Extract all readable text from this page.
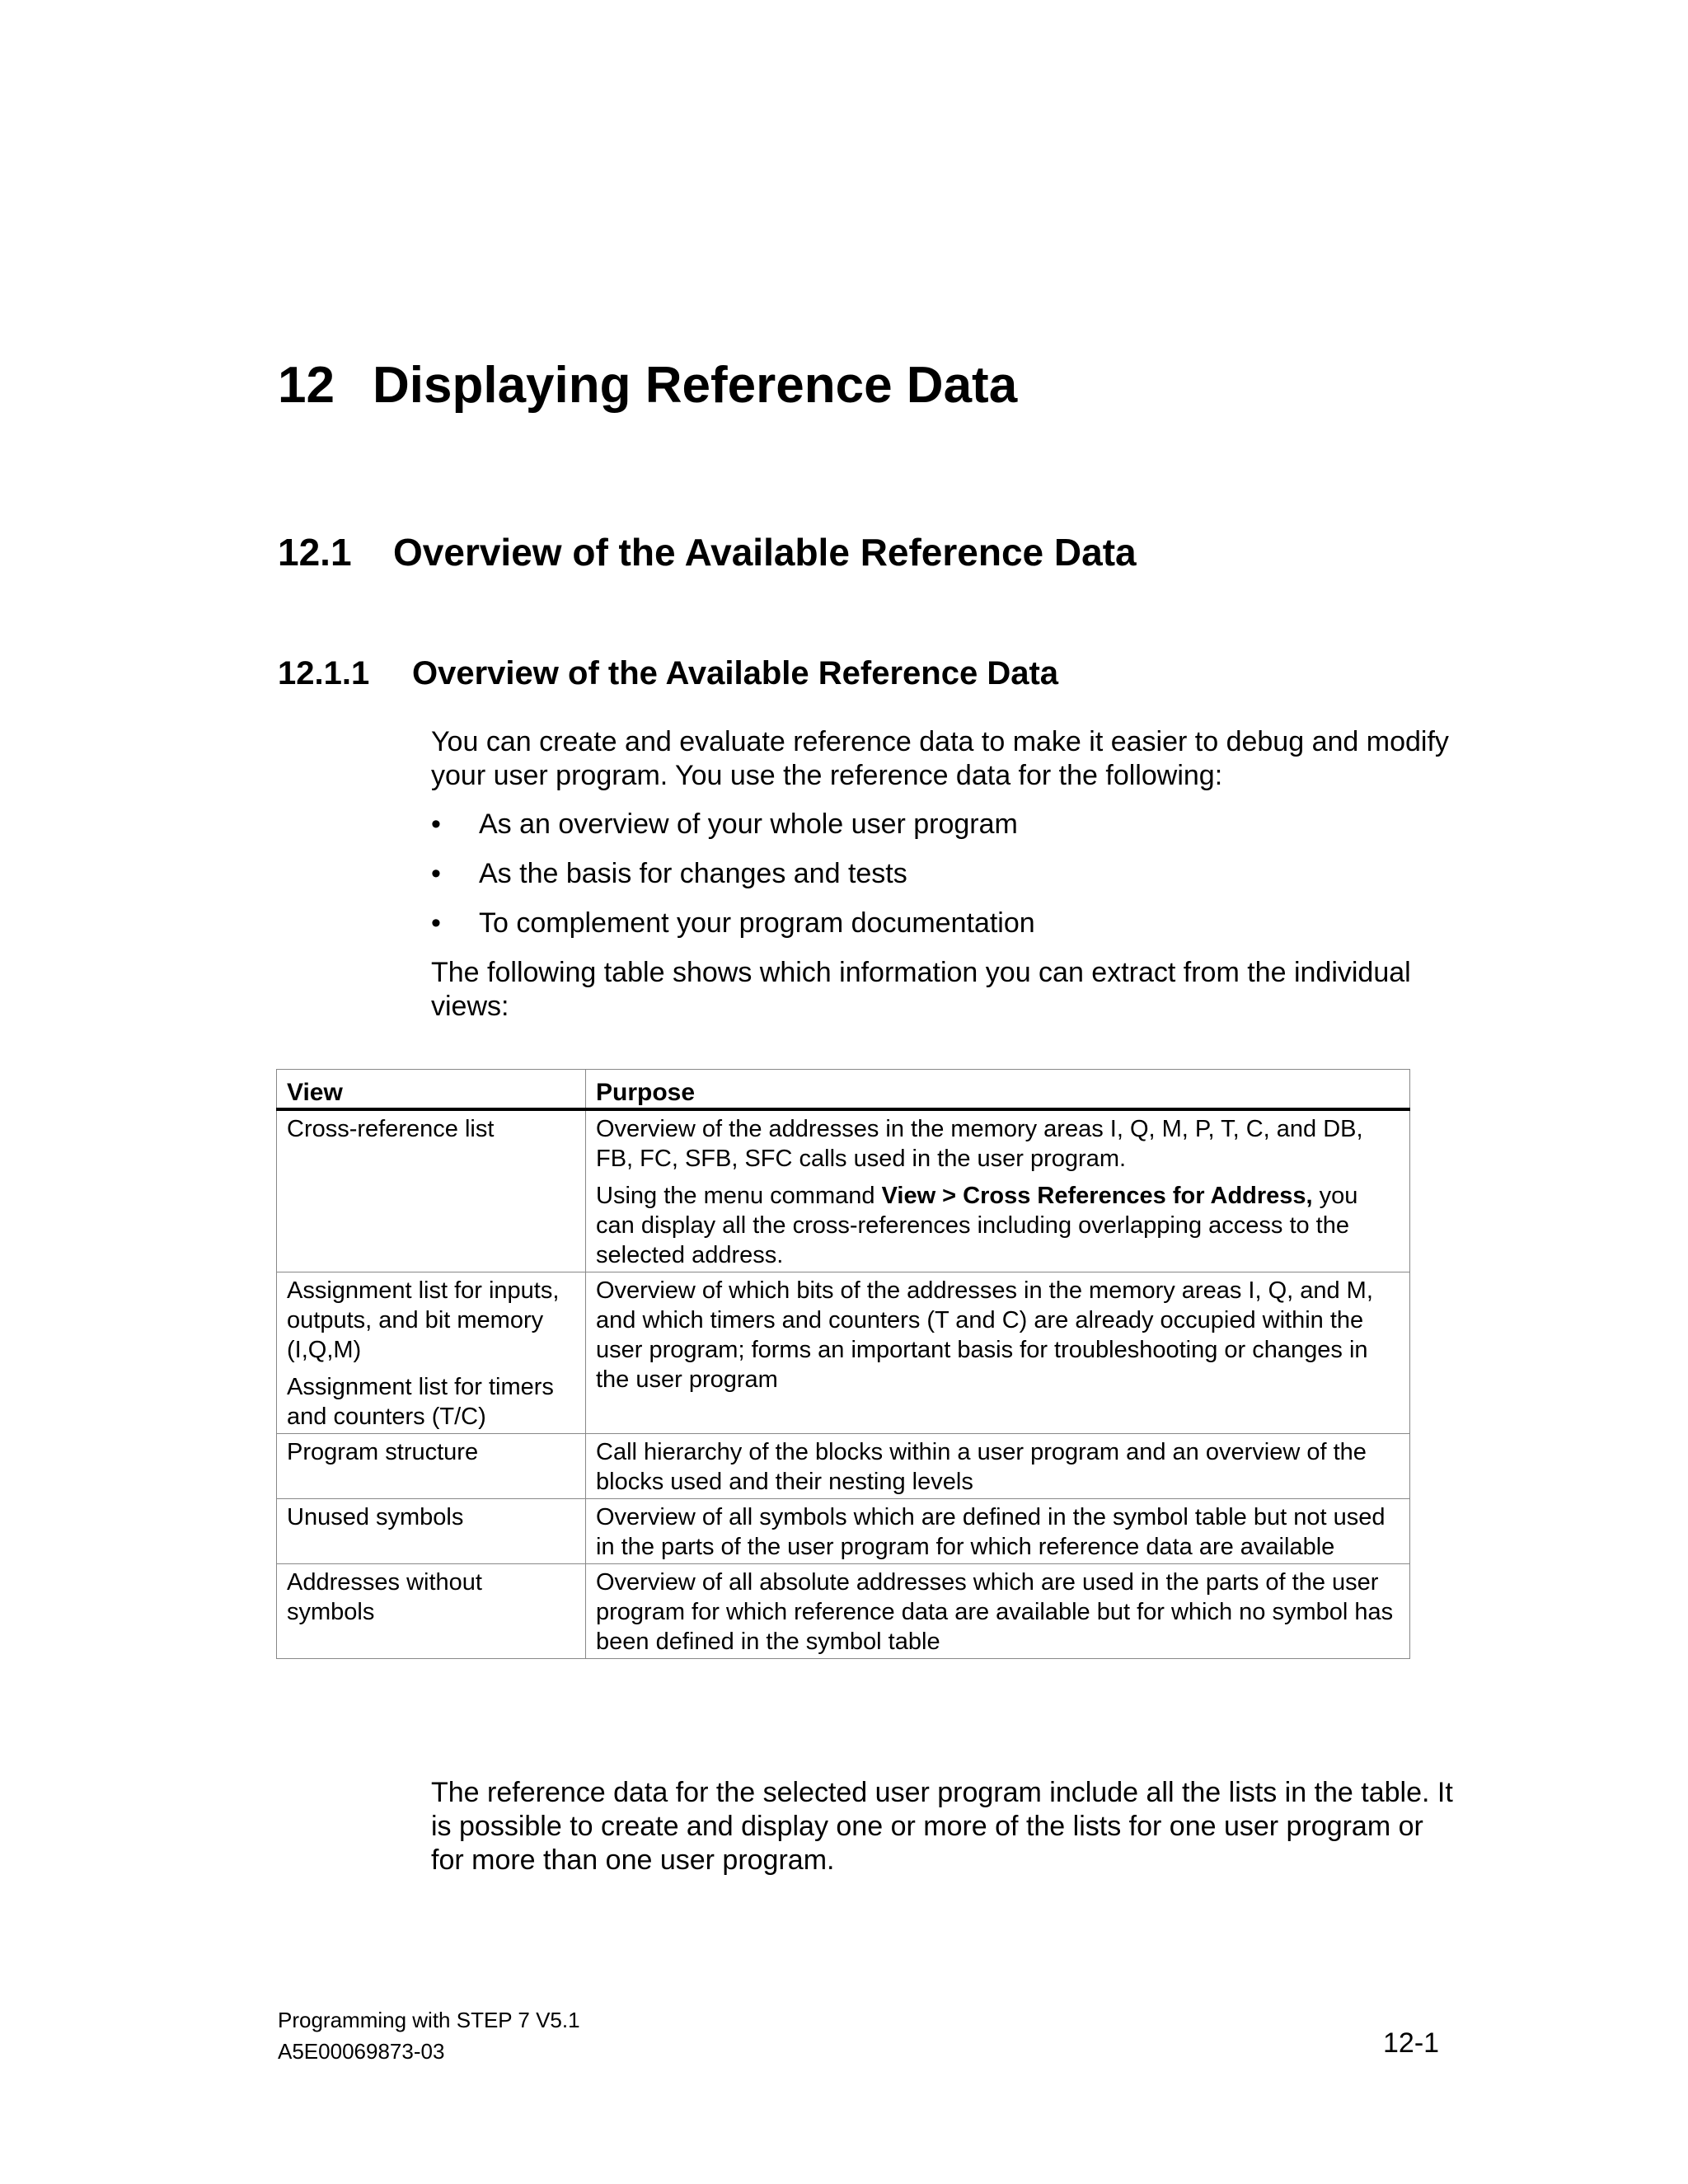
12 Displaying Reference Data
12.1 Overview of the Available Reference Data
12.1.1 Overview of the Available Reference Data

You can create and evaluate reference data to make it easier to debug and modify your user program. You use the reference data for the following:

•	As an overview of your whole user program
•	As the basis for changes and tests
•	To complement your program documentation

The following table shows which information you can extract from the individual views:

View	Purpose

Cross-reference list	Overview of the addresses in the memory areas I, Q, M, P, T, C, and DB, FB, FC, SFB, SFC calls used in the user program.

Using the menu command View > Cross References for Address, you can display all the cross-references including overlapping access to the selected address.

Assignment list for inputs, outputs, and bit memory (I,Q,M)

Assignment list for timers and counters (T/C)	Overview of which bits of the addresses in the memory areas I, Q, and M, and which timers and counters (T and C) are already occupied within the user program; forms an important basis for troubleshooting or changes in the user program

Program structure	Call hierarchy of the blocks within a user program and an overview of the blocks used and their nesting levels

Unused symbols	Overview of all symbols which are defined in the symbol table but not used in the parts of the user program for which reference data are available

Addresses without symbols	Overview of all absolute addresses which are used in the parts of the user program for which reference data are available but for which no symbol has been defined in the symbol table

The reference data for the selected user program include all the lists in the table. It is possible to create and display one or more of the lists for one user program or for more than one user program.

Programming with STEP 7 V5.1
A5E00069873-03	12-1
